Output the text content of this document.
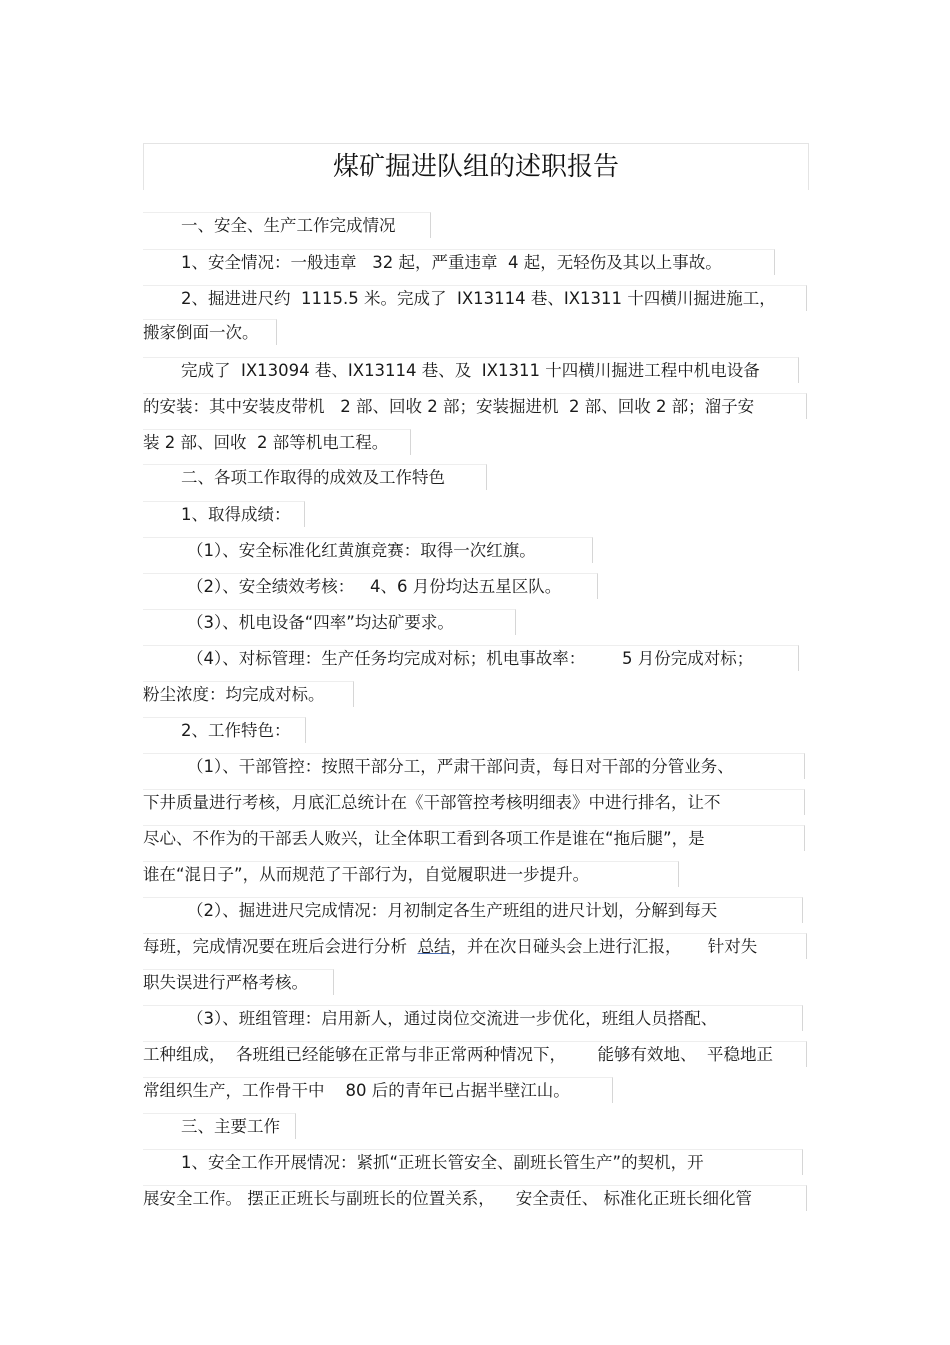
煤矿掘进队组的述职报告
一、安全、生产工作完成情况
1、安全情况：一般违章   32 起，严重违章  4 起，无轻伤及其以上事故。
2、掘进进尺约  1115.5 米。完成了  IX13114 巷、IX1311 十四横川掘进施工，
搬家倒面一次。
完成了  IX13094 巷、IX13114 巷、及  IX1311 十四横川掘进工程中机电设备
的安装：其中安装皮带机   2 部、回收 2 部；安装掘进机  2 部、回收 2 部；溜子安
装 2 部、回收  2 部等机电工程。
二、各项工作取得的成效及工作特色
1、取得成绩：
（1）、安全标准化红黄旗竞赛：取得一次红旗。
（2）、安全绩效考核：   4、6 月份均达五星区队。
（3）、机电设备“四率”均达矿要求。
（4）、对标管理：生产任务均完成对标；机电事故率：       5 月份完成对标；
粉尘浓度：均完成对标。
2、工作特色：
（1）、干部管控：按照干部分工，严肃干部问责，每日对干部的分管业务、
下井质量进行考核，月底汇总统计在《干部管控考核明细表》中进行排名，让不
尽心、不作为的干部丢人败兴，让全体职工看到各项工作是谁在“拖后腿”，是
谁在“混日子”，从而规范了干部行为，自觉履职进一步提升。
（2）、掘进进尺完成情况：月初制定各生产班组的进尺计划，分解到每天
每班，完成情况要在班后会进行分析  总结，并在次日碰头会上进行汇报，     针对失
职失误进行严格考核。
（3）、班组管理：启用新人，通过岗位交流进一步优化，班组人员搭配、
工种组成，  各班组已经能够在正常与非正常两种情况下，      能够有效地、  平稳地正
常组织生产，工作骨干中    80 后的青年已占据半壁江山。
三、主要工作
1、安全工作开展情况：紧抓“正班长管安全、副班长管生产”的契机，开
展安全工作。 摆正正班长与副班长的位置关系，    安全责任、 标准化正班长细化管
